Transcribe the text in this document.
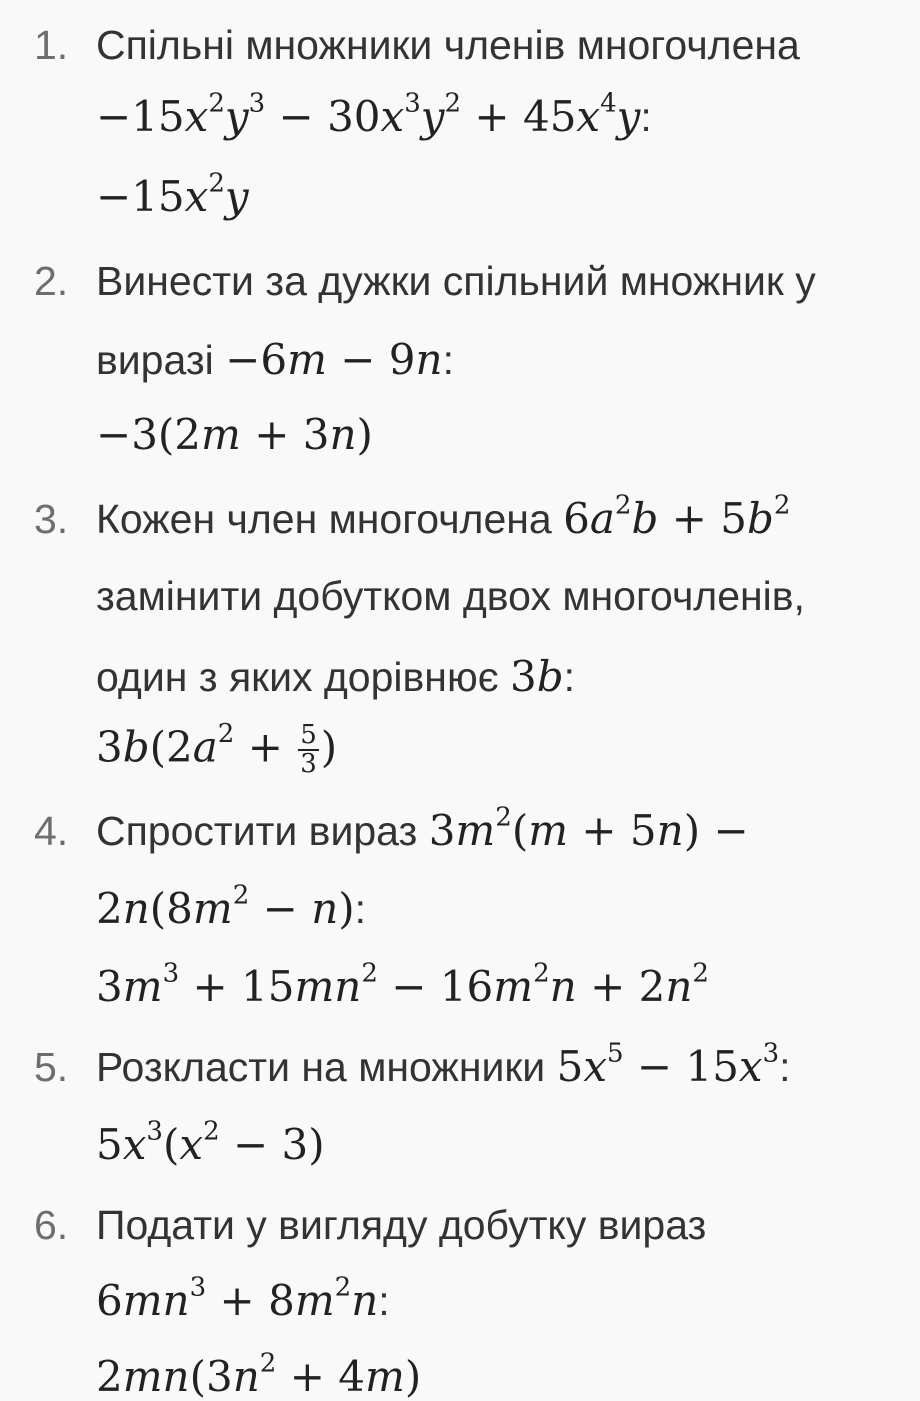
1. Спільні множники членів многочлена
$-15x^2y^3 - 30x^3y^2 + 45x^4y$:
$-15x^2y$
2. Винести за дужки спільний множник у
виразі −6m − 9n:
−3(2m + 3n)
3. Кожен член многочлена $6a^2b + 5b^2$
замінити добутком двох многочленів,
один з яких дорівнює 3b:
$3b(2a^2 + \frac{5}{3}$ )
4. Спростити вираз $3m^2(m + 5n)$ −
$2n(8m^2 - n)$:
$3m^3 + 15mn^2 - 16m^2n + 2n^2$
5. Розкласти на множники $5x^5 - 15x^3$:
$5x^3(x^2 - 3)$
6. Подати у вигляду добутку вираз
$6mn^3 + 8m^2n$:
$2mn(3n^2 + 4m)$
